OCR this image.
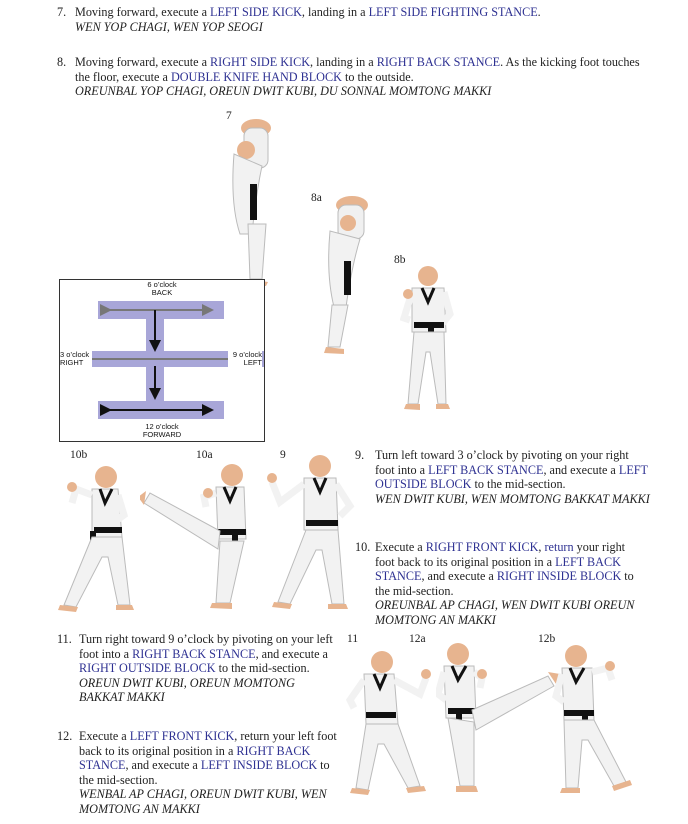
7. Moving forward, execute a LEFT SIDE KICK, landing in a LEFT SIDE FIGHTING STANCE.
WEN YOP CHAGI, WEN YOP SEOGI
8. Moving forward, execute a RIGHT SIDE KICK, landing in a RIGHT BACK STANCE. As the kicking foot touches the floor, execute a DOUBLE KNIFE HAND BLOCK to the outside.
OREUNBAL YOP CHAGI, OREUN DWIT KUBI, DU SONNAL MOMTONG MAKKI
7
8a
8b
10b	10a	9
11	12a	12b
6 o’clock
BACK
3 o’clock
RIGHT
9 o’clock
LEFT
12 o’clock
FORWARD
9. Turn left toward 3 o’clock by pivoting on your right foot into a LEFT BACK STANCE, and execute a LEFT OUTSIDE BLOCK to the mid-section.
WEN DWIT KUBI, WEN MOMTONG BAKKAT MAKKI
10. Execute a RIGHT FRONT KICK, return your right foot back to its original position in a LEFT BACK STANCE, and execute a RIGHT INSIDE BLOCK to the mid-section.
OREUNBAL AP CHAGI, WEN DWIT KUBI OREUN MOMTONG AN MAKKI
11. Turn right toward 9 o’clock by pivoting on your left foot into a RIGHT BACK STANCE, and execute a RIGHT OUTSIDE BLOCK to the mid-section.
OREUN DWIT KUBI, OREUN MOMTONG BAKKAT MAKKI
12. Execute a LEFT FRONT KICK, return your left foot back to its original position in a RIGHT BACK STANCE, and execute a LEFT INSIDE BLOCK to the mid-section.
WENBAL AP CHAGI, OREUN DWIT KUBI, WEN MOMTONG AN MAKKI
